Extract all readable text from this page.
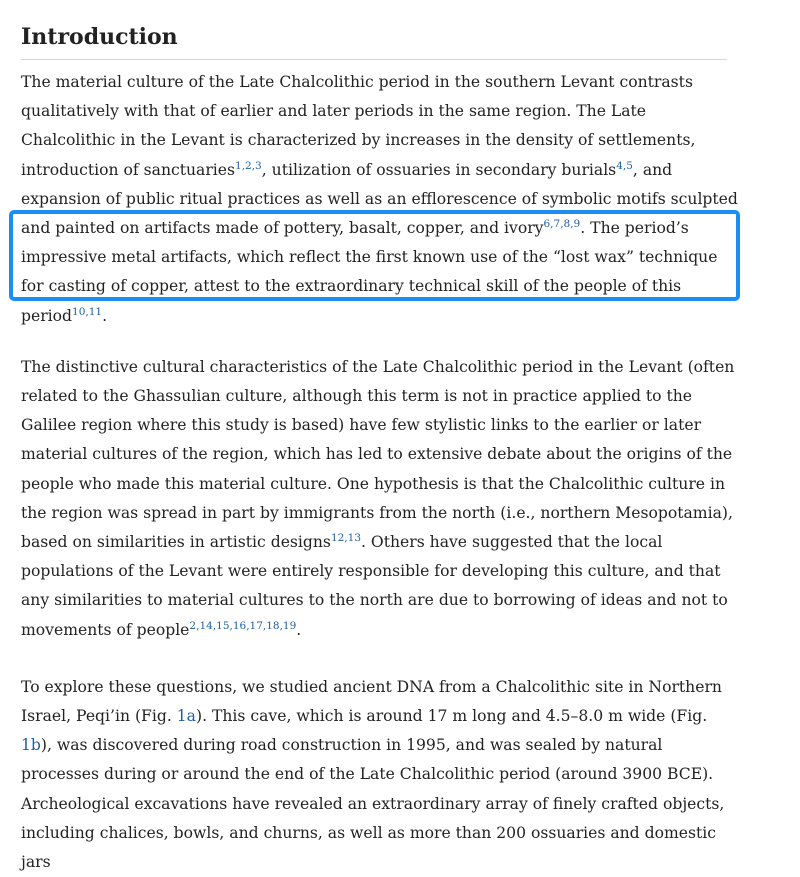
Introduction

The material culture of the Late Chalcolithic period in the southern Levant contrasts qualitatively with that of earlier and later periods in the same region. The Late Chalcolithic in the Levant is characterized by increases in the density of settlements, introduction of sanctuaries$^{1,2,3}$, utilization of ossuaries in secondary burials$^{4,5}$, and expansion of public ritual practices as well as an efflorescence of symbolic motifs sculpted and painted on artifacts made of pottery, basalt, copper, and ivory$^{6,7,8,9}$. The period’s impressive metal artifacts, which reflect the first known use of the “lost wax” technique for casting of copper, attest to the extraordinary technical skill of the people of this period$^{10,11}$.

The distinctive cultural characteristics of the Late Chalcolithic period in the Levant (often related to the Ghassulian culture, although this term is not in practice applied to the Galilee region where this study is based) have few stylistic links to the earlier or later material cultures of the region, which has led to extensive debate about the origins of the people who made this material culture. One hypothesis is that the Chalcolithic culture in the region was spread in part by immigrants from the north (i.e., northern Mesopotamia), based on similarities in artistic designs$^{12,13}$. Others have suggested that the local populations of the Levant were entirely responsible for developing this culture, and that any similarities to material cultures to the north are due to borrowing of ideas and not to movements of people$^{2,14,15,16,17,18,19}$.

To explore these questions, we studied ancient DNA from a Chalcolithic site in Northern Israel, Peqi’in (Fig. 1a). This cave, which is around 17 m long and 4.5–8.0 m wide (Fig. 1b), was discovered during road construction in 1995, and was sealed by natural processes during or around the end of the Late Chalcolithic period (around 3900 BCE). Archeological excavations have revealed an extraordinary array of finely crafted objects, including chalices, bowls, and churns, as well as more than 200 ossuaries and domestic jars
